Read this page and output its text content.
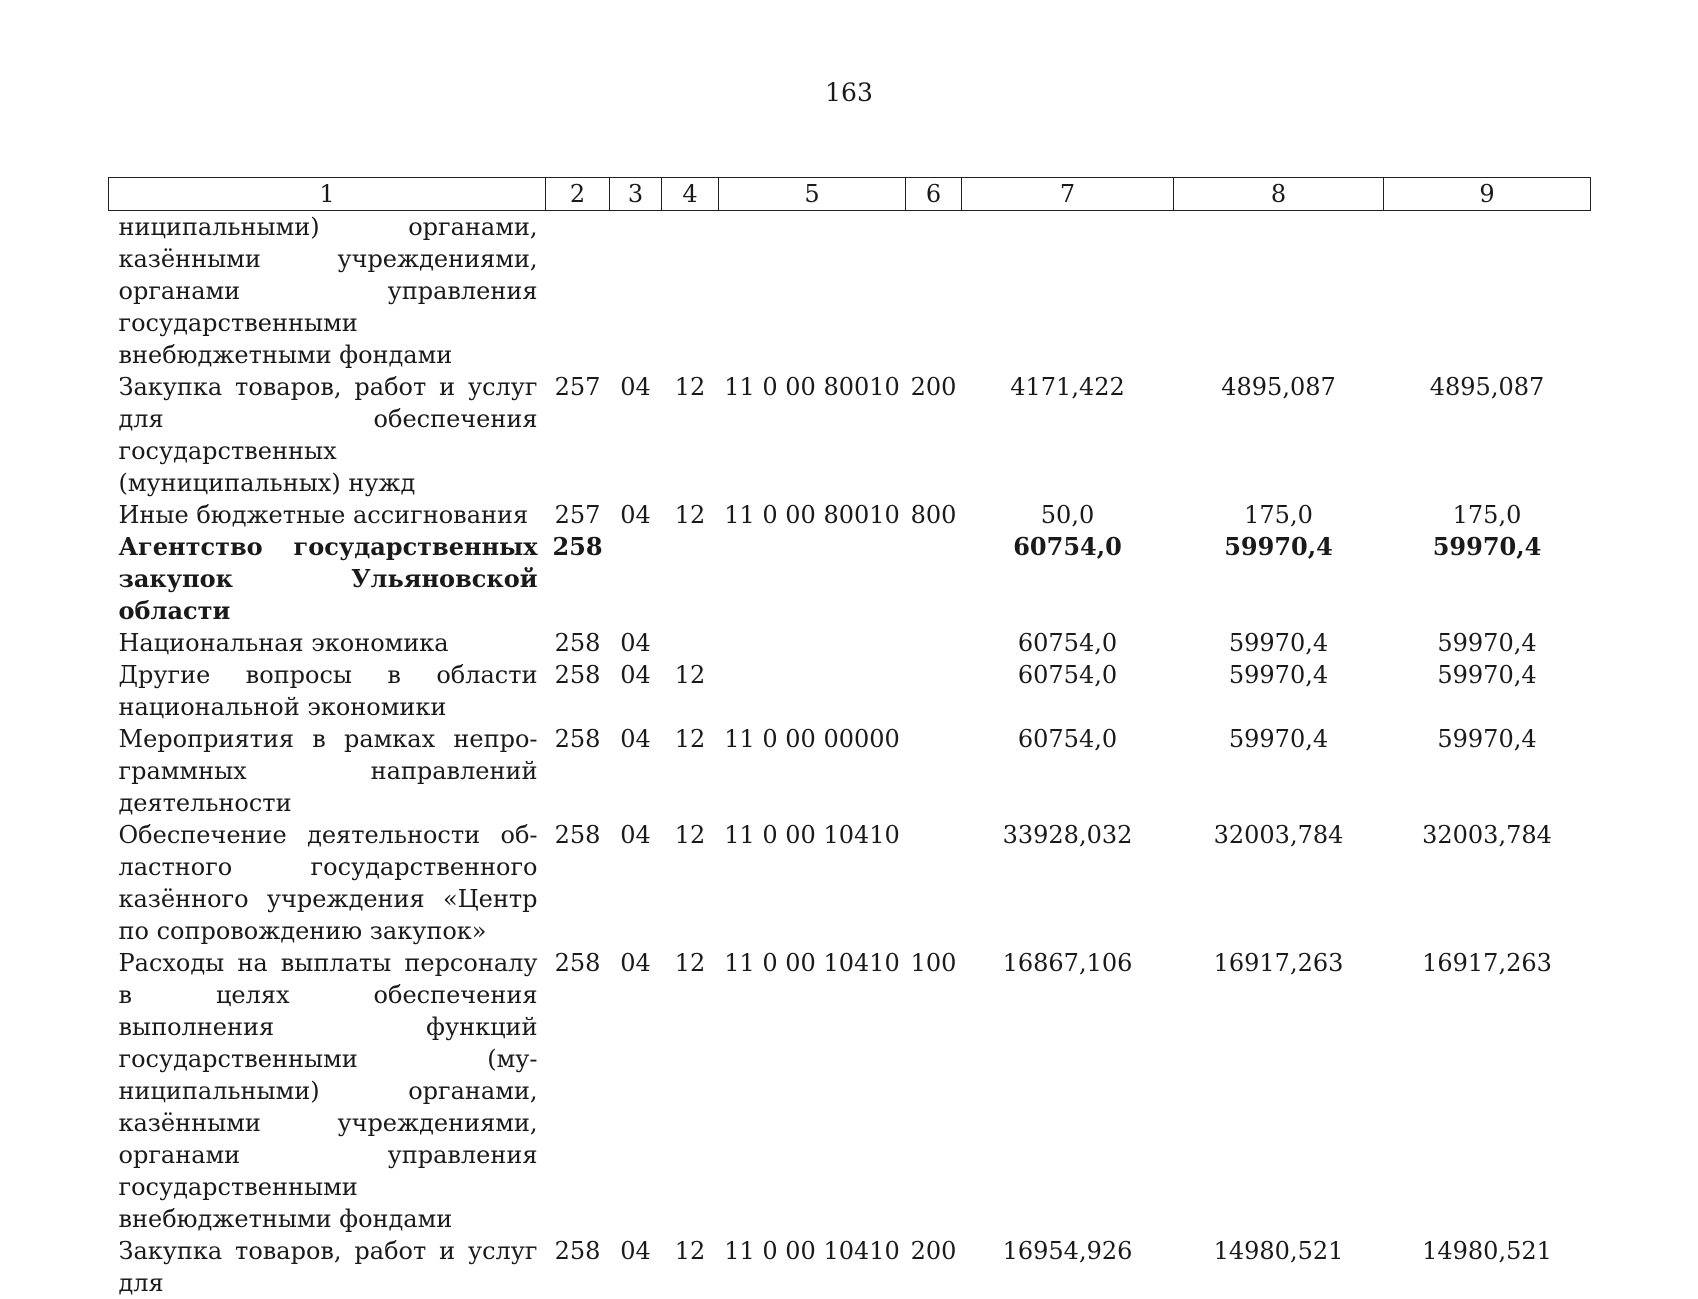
163
1	2	3	4	5	6	7	8	9
ниципальными) органами, казёнными учреждениями, органами управления государственными внебюджетными фондами								
Закупка товаров, работ и услуг для обеспечения государственных (муниципальных) нужд	257	04	12	11 0 00 80010	200	4171,422	4895,087	4895,087
Иные бюджетные ассигнования	257	04	12	11 0 00 80010	800	50,0	175,0	175,0
Агентство государственных закупок Ульяновской области	258					60754,0	59970,4	59970,4
Национальная экономика	258	04				60754,0	59970,4	59970,4
Другие вопросы в области национальной экономики	258	04	12			60754,0	59970,4	59970,4
Мероприятия в рамках непрограммных направлений деятельности	258	04	12	11 0 00 00000		60754,0	59970,4	59970,4
Обеспечение деятельности областного государственного казённого учреждения «Центр по сопровождению закупок»	258	04	12	11 0 00 10410		33928,032	32003,784	32003,784
Расходы на выплаты персоналу в целях обеспечения выполнения функций государственными (муниципальными) органами, казёнными учреждениями, органами управления государственными внебюджетными фондами	258	04	12	11 0 00 10410	100	16867,106	16917,263	16917,263
Закупка товаров, работ и услуг для	258	04	12	11 0 00 10410	200	16954,926	14980,521	14980,521
